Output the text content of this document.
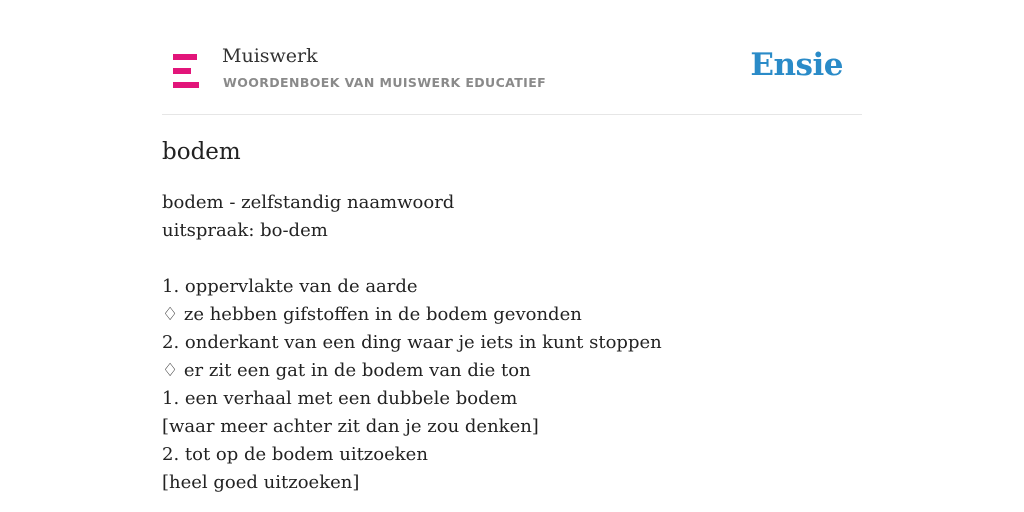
Muiswerk
WOORDENBOEK VAN MUISWERK EDUCATIEF	Ensie
bodem
bodem - zelfstandig naamwoord
uitspraak: bo-dem
1. oppervlakte van de aarde
♢ ze hebben gifstoffen in de bodem gevonden
2. onderkant van een ding waar je iets in kunt stoppen
♢ er zit een gat in de bodem van die ton
1. een verhaal met een dubbele bodem
[waar meer achter zit dan je zou denken]
2. tot op de bodem uitzoeken
[heel goed uitzoeken]
